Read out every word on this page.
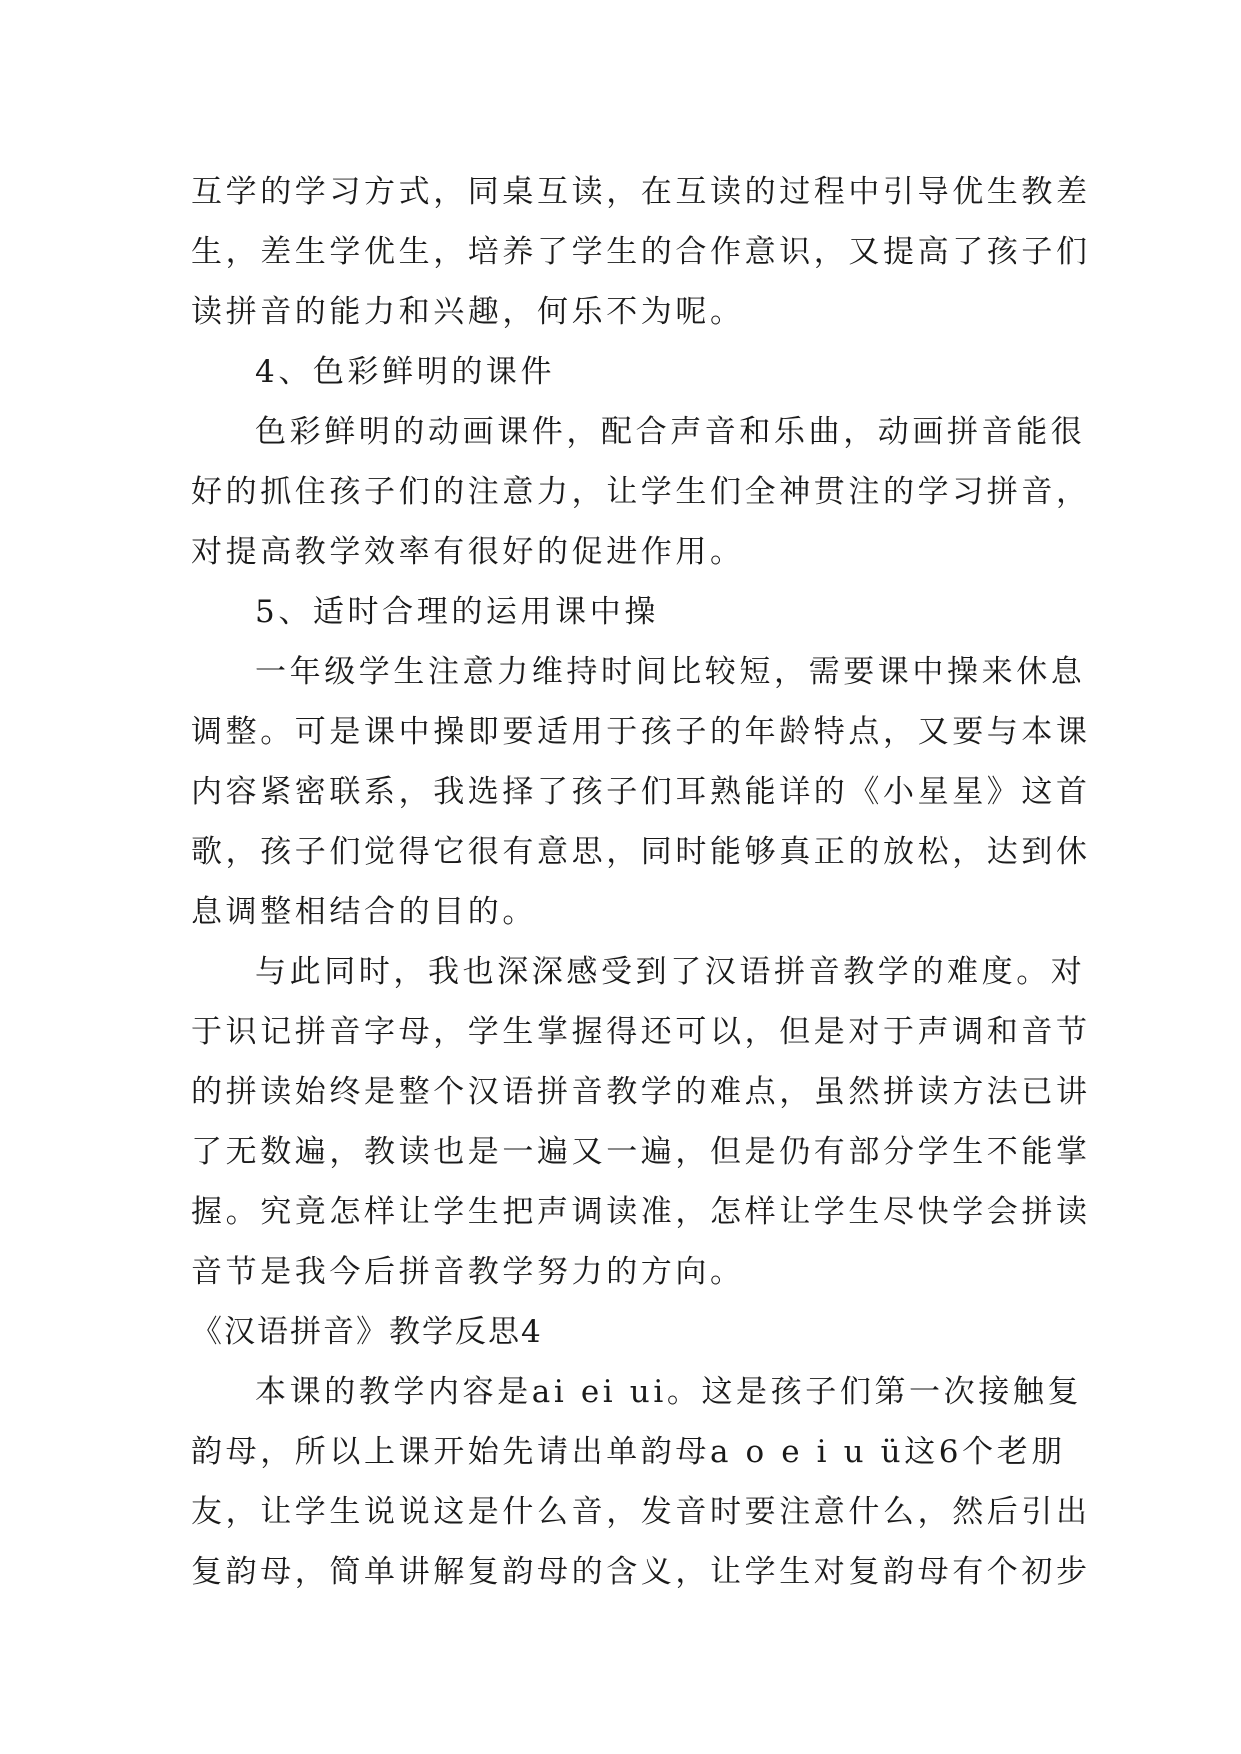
互学的学习方式，同桌互读，在互读的过程中引导优生教差
生，差生学优生，培养了学生的合作意识，又提高了孩子们
读拼音的能力和兴趣，何乐不为呢。
4、色彩鲜明的课件
色彩鲜明的动画课件，配合声音和乐曲，动画拼音能很
好的抓住孩子们的注意力，让学生们全神贯注的学习拼音，
对提高教学效率有很好的促进作用。
5、适时合理的运用课中操
一年级学生注意力维持时间比较短，需要课中操来休息
调整。可是课中操即要适用于孩子的年龄特点，又要与本课
内容紧密联系，我选择了孩子们耳熟能详的《小星星》这首
歌，孩子们觉得它很有意思，同时能够真正的放松，达到休
息调整相结合的目的。
与此同时，我也深深感受到了汉语拼音教学的难度。对
于识记拼音字母，学生掌握得还可以，但是对于声调和音节
的拼读始终是整个汉语拼音教学的难点，虽然拼读方法已讲
了无数遍，教读也是一遍又一遍，但是仍有部分学生不能掌
握。究竟怎样让学生把声调读准，怎样让学生尽快学会拼读
音节是我今后拼音教学努力的方向。
《汉语拼音》教学反思4
本课的教学内容是ai ei ui。这是孩子们第一次接触复
韵母，所以上课开始先请出单韵母a o e i u ü这6个老朋
友，让学生说说这是什么音，发音时要注意什么，然后引出
复韵母，简单讲解复韵母的含义，让学生对复韵母有个初步
